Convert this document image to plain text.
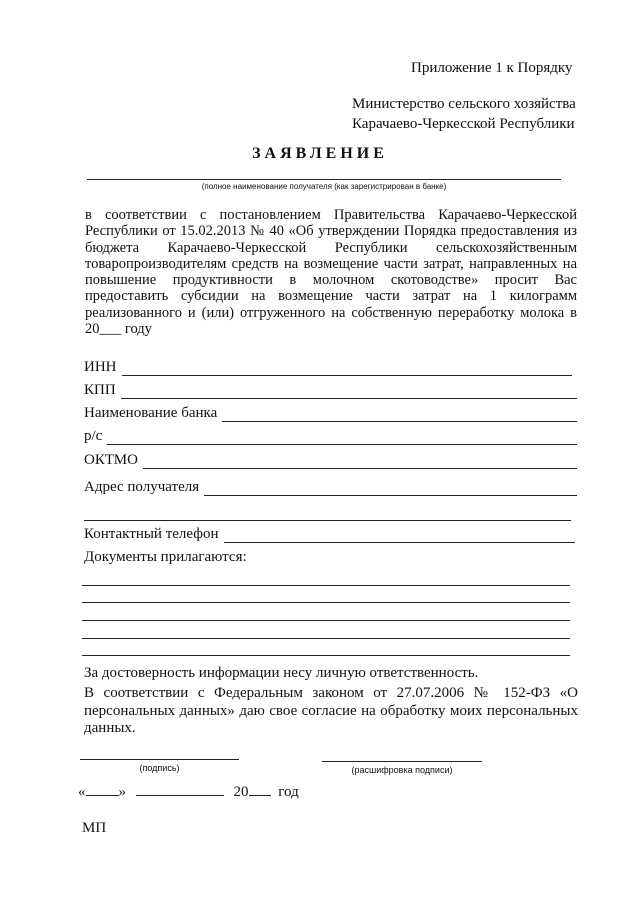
Приложение 1 к Порядку
Министерство сельского хозяйства
Карачаево-Черкесской Республики
ЗАЯВЛЕНИЕ
(полное наименование получателя (как зарегистрирован в банке)
в соответствии с постановлением Правительства Карачаево-Черкесской Республики от 15.02.2013 № 40 «Об утверждении Порядка предоставления из бюджета Карачаево-Черкесской Республики сельскохозяйственным товаропроизводителям средств на возмещение части затрат, направленных на повышение продуктивности в молочном скотоводстве» просит Вас предоставить субсидии на возмещение части затрат на 1 килограмм реализованного и (или) отгруженного на собственную переработку молока в 20___ году
ИНН
КПП
Наименование банка
р/с
ОКТМО
Адрес получателя
Контактный телефон
Документы прилагаются:
За достоверность информации несу личную ответственность.
В соответствии с Федеральным законом от 27.07.2006 № 152-ФЗ «О персональных данных» даю свое согласие на обработку моих персональных данных.
(подпись)	(расшифровка подписи)
« »	20 год
МП
